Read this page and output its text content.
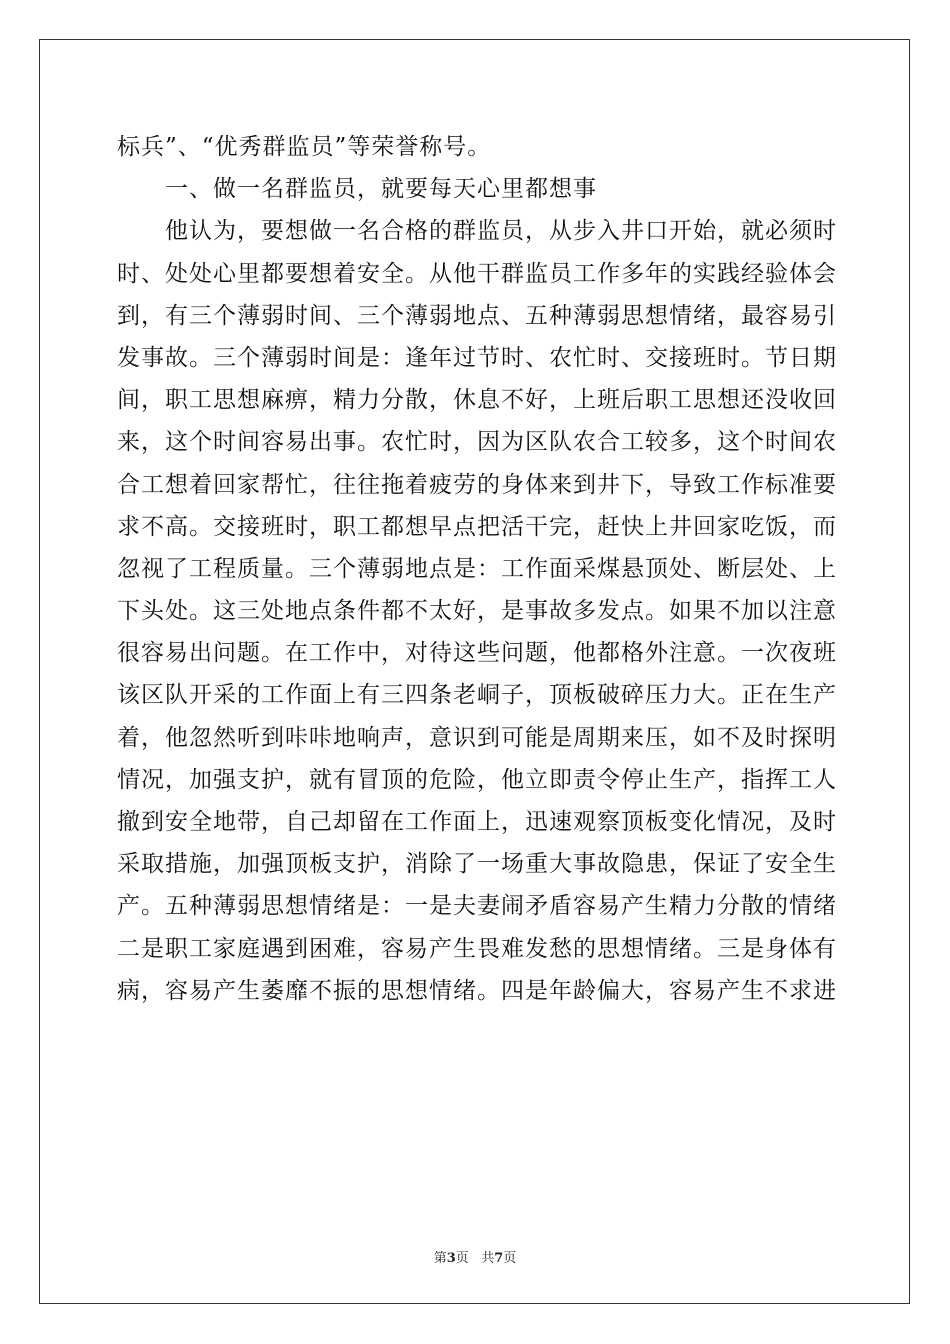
标兵”、“优秀群监员”等荣誉称号。
一、做一名群监员，就要每天心里都想事
他认为，要想做一名合格的群监员，从步入井口开始，就必须时
时、处处心里都要想着安全。从他干群监员工作多年的实践经验体会
到，有三个薄弱时间、三个薄弱地点、五种薄弱思想情绪，最容易引
发事故。三个薄弱时间是：逢年过节时、农忙时、交接班时。节日期
间，职工思想麻痹，精力分散，休息不好，上班后职工思想还没收回
来，这个时间容易出事。农忙时，因为区队农合工较多，这个时间农
合工想着回家帮忙，往往拖着疲劳的身体来到井下，导致工作标准要
求不高。交接班时，职工都想早点把活干完，赶快上井回家吃饭，而
忽视了工程质量。三个薄弱地点是：工作面采煤悬顶处、断层处、上
下头处。这三处地点条件都不太好，是事故多发点。如果不加以注意
很容易出问题。在工作中，对待这些问题，他都格外注意。一次夜班
该区队开采的工作面上有三四条老峒子，顶板破碎压力大。正在生产
着，他忽然听到咔咔地响声，意识到可能是周期来压，如不及时探明
情况，加强支护，就有冒顶的危险，他立即责令停止生产，指挥工人
撤到安全地带，自己却留在工作面上，迅速观察顶板变化情况，及时
采取措施，加强顶板支护，消除了一场重大事故隐患，保证了安全生
产。五种薄弱思想情绪是：一是夫妻闹矛盾容易产生精力分散的情绪
二是职工家庭遇到困难，容易产生畏难发愁的思想情绪。三是身体有
病，容易产生萎靡不振的思想情绪。四是年龄偏大，容易产生不求进
第3页 共7页
